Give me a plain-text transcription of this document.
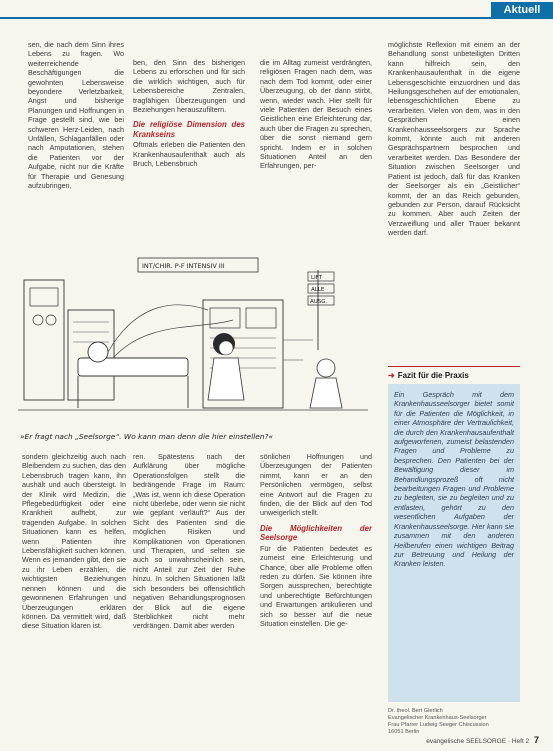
Aktuell

sen, die nach dem Sinn ihres Lebens zu fragen. Wo weiterreichende Beschäftigungen die gewohnten Lebensweise beyondere Verletzbarkeit, Angst und bisherige Planungen und Hoffnungen in Frage gestellt sind, wie bei schweren Herz-Leiden, nach Unfällen, Schlaganfällen oder nach Amputationen, stehen die Patienten vor der Aufgabe, nicht nur die Kräfte für Therapie und Genesung aufzubringen,

ben, den Sinn des bisherigen Lebens zu erforschen und für sich die wirklich wichtigen, auch für Lebensbereiche Zentralen, tragfähigen Überzeugungen und Beziehungen herauszufiltern.

Die religiöse Dimension des Krankseins

Oftmals erleben die Patienten den Krankenhausaufenthalt auch als Bruch, Lebensbruch

die im Alltag zumeist verdrängten, religiösen Fragen nach dem, was nach dem Tod kommt, oder einer Überzeugung, ob der dann stirbt, wenn, wieder wach. Hier stellt für viele Patienten der Besuch eines Geistlichen eine Erleichterung dar, auch über die Fragen zu sprechen, über die sonst niemand gern spricht. Indem er in solchen Situationen Anteil an den Erfahrungen, per-

möglichste Reflexion mit einem an der Behandlung sonst unbeteiligten Dritten kann hilfreich sein, den Krankenhausaufenthalt in die eigene Lebensgeschichte einzuordnen und das Heilungsgeschehen auf der emotionalen, lebensgeschichtlichen Ebene zu verarbeiten. Vielen von dem, was in den Gesprächen einen Krankenhausseelsorgers zur Sprache kommt, könnte auch mit anderen Gesprächspartnern besprochen und verarbeitet werden. Das Besondere der Situation zwischen Seelsorger und Patient ist jedoch, daß für das Kranken der Seelsorger als ein „Geistlicher“ kommt, der an das Reich gebunden, gebunden zur Person, darauf Rücksicht zu kommen. Aber auch Zeiten der Verzweiflung und aller Trauer bekannt werden darf.

INT/CHIR. P-F INTENSIV III
LIFT
ALLE
AUSG.
»Er fragt nach „Seelsorge“. Wo kann man denn die hier einstellen?«

sondern gleichzeitig auch nach Bleibendem zu suchen, das den Lebensbruch tragen kann, ihn aushält und auch übersteigt. In der Klinik wird Medizin, die Pflegebedürftigkeit oder eine Krankheit aufhebt, zur tragenden Aufgabe. In solchen Situationen kann es helfen, wenn Patienten ihre Lebensfähigkeit suchen können. Wenn es jemanden gibt, den sie zu ihr Leben erzählen, die wichtigsten Beziehungen nennen können und die gewonnenen Erfahrungen und Überzeugungen erklären können. Da vermittelt wird, daß diese Situation klaren ist.

ren. Spätestens nach der Aufklärung über mögliche Operationsfolgen stellt die bedrängende Frage im Raum: „Was ist, wenn ich diese Operation nicht überlebe, oder wenn sie nicht wie geplant verläuft?“ Aus der Sicht des Patienten sind die möglichen Risiken und Komplikationen von Operationen und Therapien, und selten sie auch so unwahrscheinlich sein, nicht Anteil zur Zeit der Ruhe hinzu. In solchen Situationen läßt sich besonders bei offensichtlich negativen Behandlungsprognosen der Blick auf die eigene Sterblichkeit nicht mehr verdrängen. Damit aber werden

sönlichen Hoffnungen und Überzeugungen der Patienten nimmt, kann er an den Persönlichen vermögen, selbst eine Antwort auf die Fragen zu finden, die der Blick auf den Tod unweigerlich stellt.

Die Möglichkeiten der Seelsorge

Für die Patienten bedeutet es zumeist eine Erleichterung und Chance, über alle Probleme offen reden zu dürfen. Sie können ihre Sorgen aussprechen, berechtigte und unberechtigte Befürchtungen und Erwartungen artikulieren und sich so besser auf die neue Situation einstellen. Die ge-

➜ Fazit für die Praxis
Ein Gespräch mit dem Krankenhausseelsorger bietet somit für die Patienten die Möglichkeit, in einer Atmosphäre der Vertraulichkeit, die durch den Krankenhausaufenthalt aufgeworfenen, zumeist belastenden Fragen und Probleme zu besprechen. Den Patienten bei der Bewältigung dieser im Behandlungsprozeß oft nicht bearbeitungen Fragen und Probleme zu begleiten, sie zu begleiten und zu entlasten, gehört zu den wesentlichen Aufgaben der Krankenhausseelsorge. Hier kann sie zusammen mit den anderen Heilberufen einen wichtigen Beitrag zur Betreuung und Heilung der Kranken leisten.
Dr. theol. Bert Gierlich
Evangelischer Krankenhaus-Seelsorger
Frau Pfarrer Ludwig Seeger Chiscussion
16051 Berlin
evangelische SEELSORGE · Heft 2 7
